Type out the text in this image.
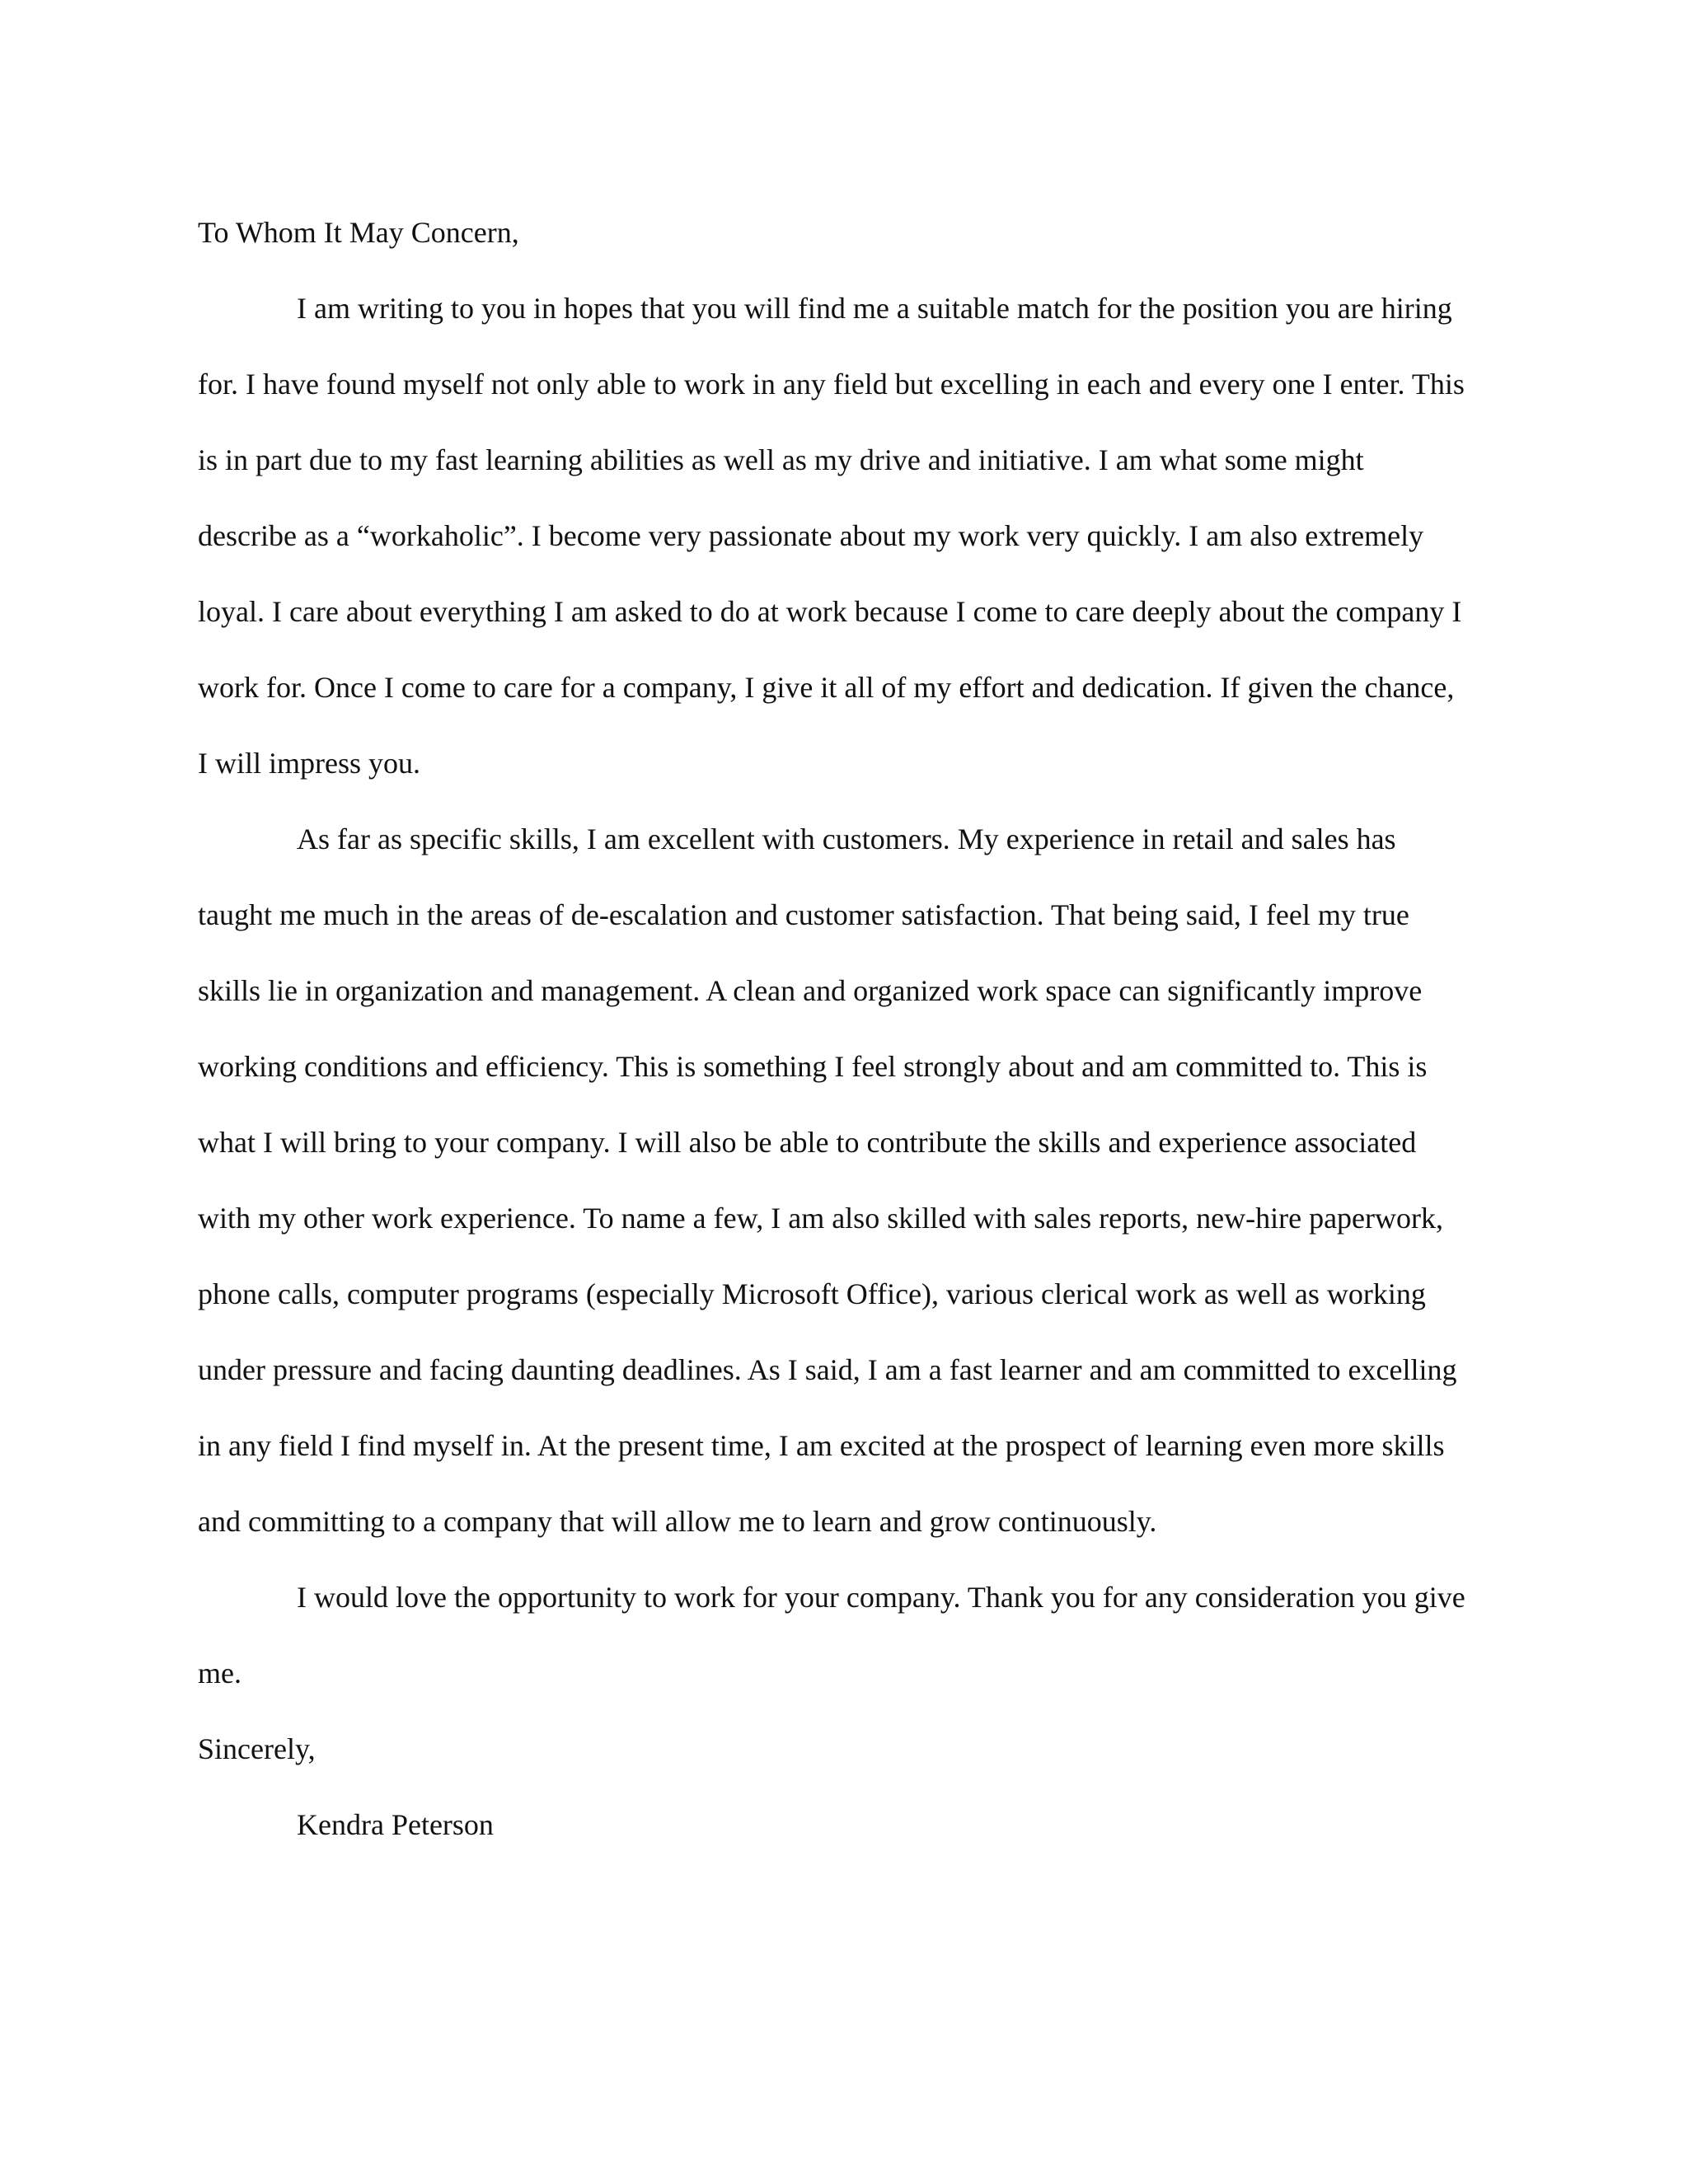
To Whom It May Concern,

I am writing to you in hopes that you will find me a suitable match for the position you are hiring for. I have found myself not only able to work in any field but excelling in each and every one I enter. This is in part due to my fast learning abilities as well as my drive and initiative. I am what some might describe as a “workaholic”. I become very passionate about my work very quickly. I am also extremely loyal. I care about everything I am asked to do at work because I come to care deeply about the company I work for. Once I come to care for a company, I give it all of my effort and dedication. If given the chance, I will impress you.

As far as specific skills, I am excellent with customers. My experience in retail and sales has taught me much in the areas of de-escalation and customer satisfaction. That being said, I feel my true skills lie in organization and management. A clean and organized work space can significantly improve working conditions and efficiency. This is something I feel strongly about and am committed to. This is what I will bring to your company. I will also be able to contribute the skills and experience associated with my other work experience. To name a few, I am also skilled with sales reports, new-hire paperwork, phone calls, computer programs (especially Microsoft Office), various clerical work as well as working under pressure and facing daunting deadlines. As I said, I am a fast learner and am committed to excelling in any field I find myself in. At the present time, I am excited at the prospect of learning even more skills and committing to a company that will allow me to learn and grow continuously.

I would love the opportunity to work for your company. Thank you for any consideration you give me.

Sincerely,

Kendra Peterson
